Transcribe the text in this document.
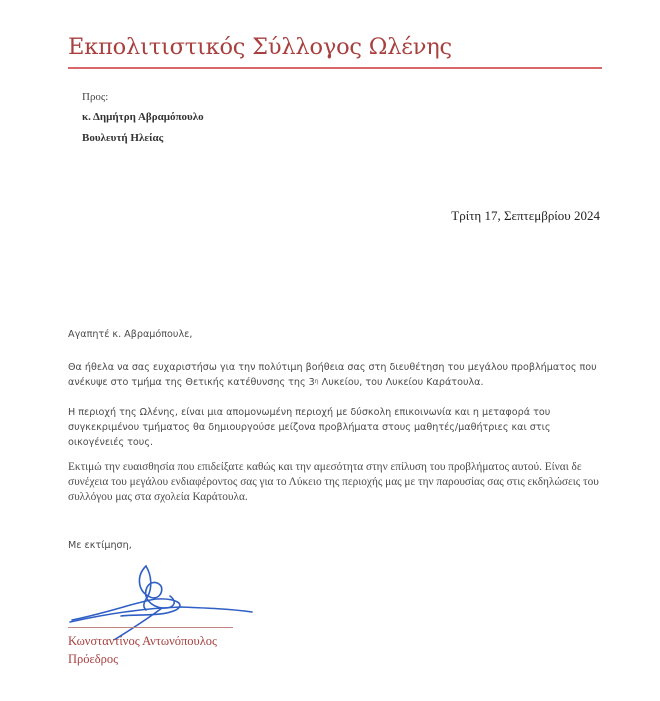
Εκπολιτιστικός Σύλλογος Ωλένης
Προς:
κ. Δημήτρη Αβραμόπουλο
Βουλευτή Ηλείας
Τρίτη 17, Σεπτεμβρίου 2024
Αγαπητέ κ. Αβραμόπουλε,
Θα ήθελα να σας ευχαριστήσω για την πολύτιμη βοήθεια σας στη διευθέτηση του μεγάλου προβλήματος που ανέκυψε στο τμήμα της Θετικής κατέθυνσης της $3^\eta$ Λυκείου, του Λυκείου Καράτουλα.
Η περιοχή της Ωλένης, είναι μια απομονωμένη περιοχή με δύσκολη επικοινωνία και η μεταφορά του συγκεκριμένου τμήματος θα δημιουργούσε μείζονα προβλήματα στους μαθητές/μαθήτριες και στις οικογένειές τους.
Εκτιμώ την ευαισθησία που επιδείξατε καθώς και την αμεσότητα στην επίλυση του προβλήματος αυτού. Είναι δε συνέχεια του μεγάλου ενδιαφέροντος σας για το Λύκειο της περιοχής μας με την παρουσίας σας στις εκδηλώσεις του συλλόγου μας στα σχολεία Καράτουλα.
Με εκτίμηση,
Κωνσταντίνος Αντωνόπουλος
Πρόεδρος
